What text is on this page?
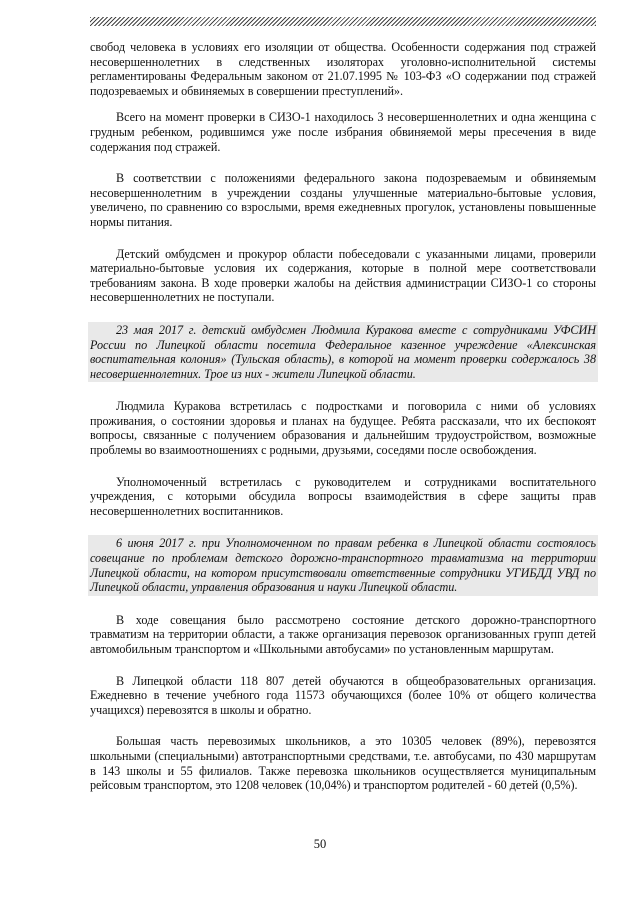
свобод человека в условиях его изоляции от общества. Особенности содержания под стражей несовершеннолетних в следственных изоляторах уголовно-исполнительной системы регламентированы Федеральным законом от 21.07.1995 № 103-ФЗ «О содержании под стражей подозреваемых и обвиняемых в совершении преступлений».

Всего на момент проверки в СИЗО-1 находилось 3 несовершеннолетних и одна женщина с грудным ребенком, родившимся уже после избрания обвиняемой меры пресечения в виде содержания под стражей.

В соответствии с положениями федерального закона подозреваемым и обвиняемым несовершеннолетним в учреждении созданы улучшенные материально-бытовые условия, увеличено, по сравнению со взрослыми, время ежедневных прогулок, установлены повышенные нормы питания.

Детский омбудсмен и прокурор области побеседовали с указанными лицами, проверили материально-бытовые условия их содержания, которые в полной мере соответствовали требованиям закона. В ходе проверки жалобы на действия администрации СИЗО-1 со стороны несовершеннолетних не поступали.

23 мая 2017 г. детский омбудсмен Людмила Куракова вместе с сотрудниками УФСИН России по Липецкой области посетила Федеральное казенное учреждение «Алексинская воспитательная колония» (Тульская область), в которой на момент проверки содержалось 38 несовершеннолетних. Трое из них - жители Липецкой области.

Людмила Куракова встретилась с подростками и поговорила с ними об условиях проживания, о состоянии здоровья и планах на будущее. Ребята рассказали, что их беспокоят вопросы, связанные с получением образования и дальнейшим трудоустройством, возможные проблемы во взаимоотношениях с родными, друзьями, соседями после освобождения.

Уполномоченный встретилась с руководителем и сотрудниками воспитательного учреждения, с которыми обсудила вопросы взаимодействия в сфере защиты прав несовершеннолетних воспитанников.

6 июня 2017 г. при Уполномоченном по правам ребенка в Липецкой области состоялось совещание по проблемам детского дорожно-транспортного травматизма на территории Липецкой области, на котором присутствовали ответственные сотрудники УГИБДД УВД по Липецкой области, управления образования и науки Липецкой области.

В ходе совещания было рассмотрено состояние детского дорожно-транспортного травматизм на территории области, а также организация перевозок организованных групп детей автомобильным транспортом и «Школьными автобусами» по установленным маршрутам.

В Липецкой области 118 807 детей обучаются в общеобразовательных организация. Ежедневно в течение учебного года 11573 обучающихся (более 10% от общего количества учащихся) перевозятся в школы и обратно.

Большая часть перевозимых школьников, а это 10305 человек (89%), перевозятся школьными (специальными) автотранспортными средствами, т.е. автобусами, по 430 маршрутам в 143 школы и 55 филиалов. Также перевозка школьников осуществляется муниципальным рейсовым транспортом, это 1208 человек (10,04%) и транспортом родителей - 60 детей (0,5%).

50
